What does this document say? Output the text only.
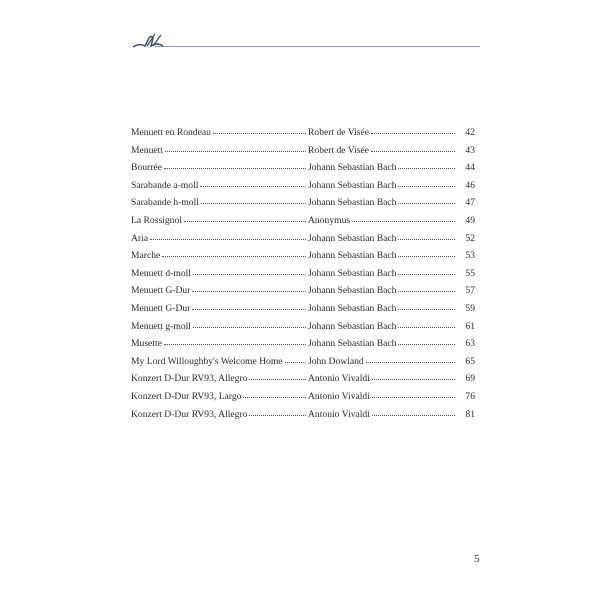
Menuett en Rondeau	Robert de Visée	42
Menuett	Robert de Visée	43
Bourrée	Johann Sebastian Bach	44
Sarabande a-moll	Johann Sebastian Bach	46
Sarabande h-moll	Johann Sebastian Bach	47
La Rossignol	Anonymus	49
Aria	Johann Sebastian Bach	52
Marche	Johann Sebastian Bach	53
Menuett d-moll	Johann Sebastian Bach	55
Menuett G-Dur	Johann Sebastian Bach	57
Menuett G-Dur	Johann Sebastian Bach	59
Menuett g-moll	Johann Sebastian Bach	61
Musette	Johann Sebastian Bach	63
My Lord Willoughby's Welcome Home	John Dowland	65
Konzert D-Dur RV93, Allegro	Antonio Vivaldi	69
Konzert D-Dur RV93, Largo	Antonio Vivaldi	76
Konzert D-Dur RV93, Allegro	Antonio Vivaldi	81
5
